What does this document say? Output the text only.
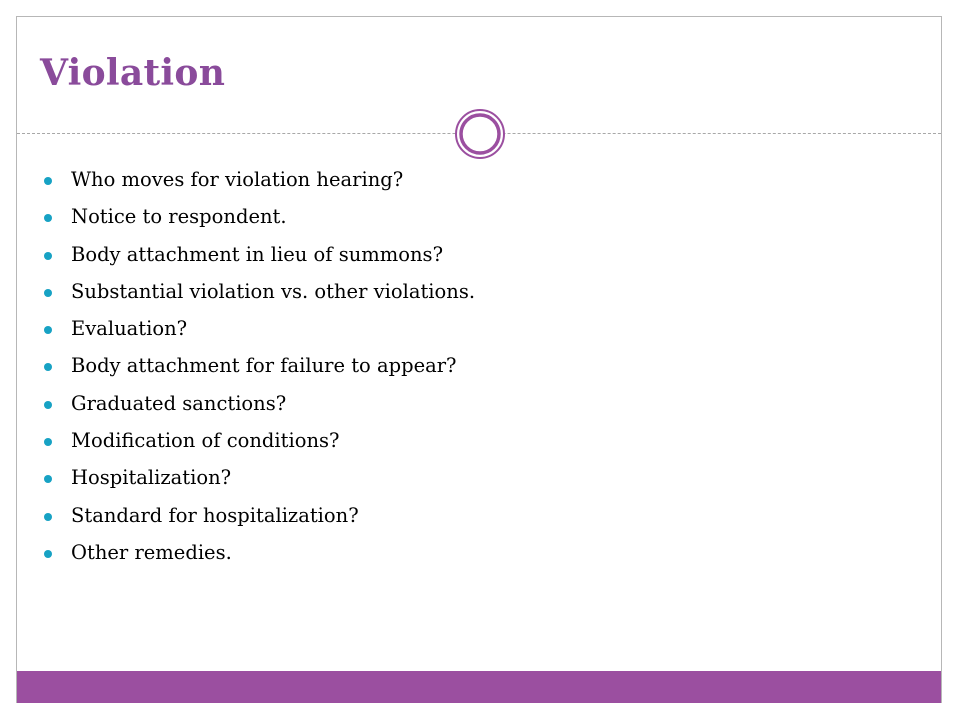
Violation
Who moves for violation hearing?
Notice to respondent.
Body attachment in lieu of summons?
Substantial violation vs. other violations.
Evaluation?
Body attachment for failure to appear?
Graduated sanctions?
Modification of conditions?
Hospitalization?
Standard for hospitalization?
Other remedies.
